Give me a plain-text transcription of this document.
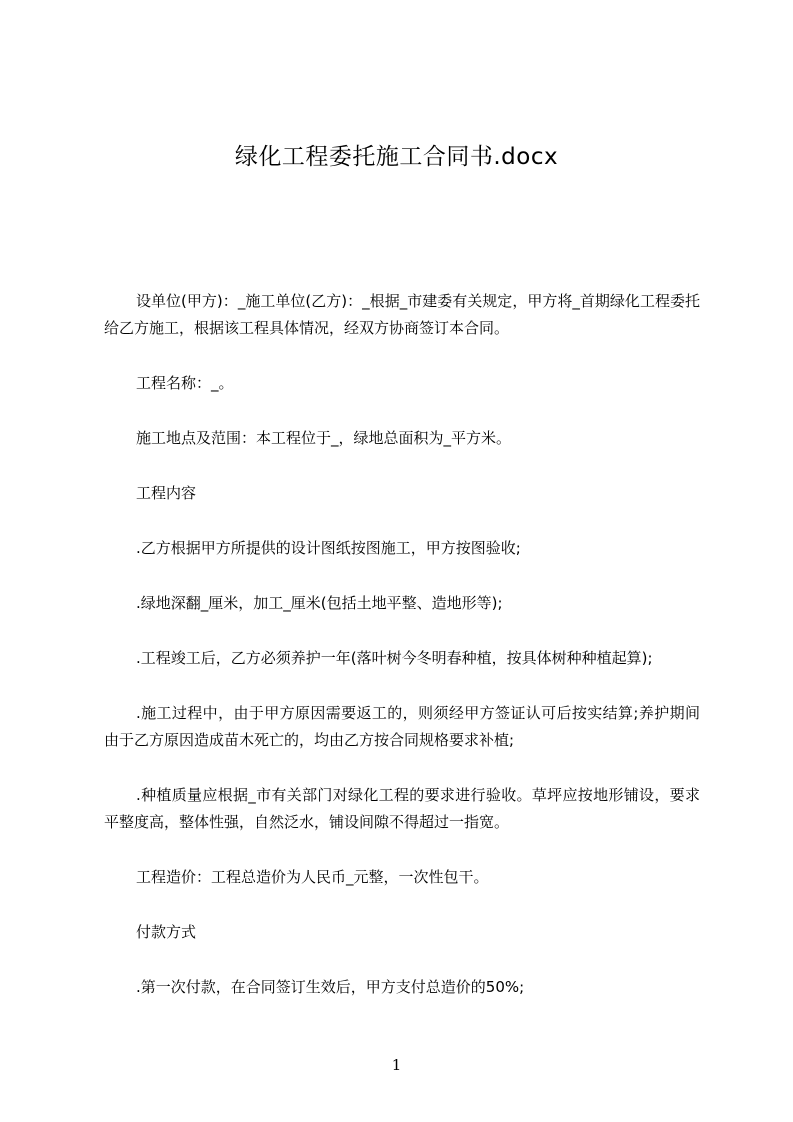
绿化工程委托施工合同书.docx

设单位(甲方)：_施工单位(乙方)：_根据_市建委有关规定，甲方将_首期绿化工程委托给乙方施工，根据该工程具体情况，经双方协商签订本合同。

工程名称：_。

施工地点及范围：本工程位于_，绿地总面积为_平方米。

工程内容

.乙方根据甲方所提供的设计图纸按图施工，甲方按图验收;

.绿地深翻_厘米，加工_厘米(包括土地平整、造地形等);

.工程竣工后，乙方必须养护一年(落叶树今冬明春种植，按具体树种种植起算);

.施工过程中，由于甲方原因需要返工的，则须经甲方签证认可后按实结算;养护期间由于乙方原因造成苗木死亡的，均由乙方按合同规格要求补植;

.种植质量应根据_市有关部门对绿化工程的要求进行验收。草坪应按地形铺设，要求平整度高，整体性强，自然泛水，铺设间隙不得超过一指宽。

工程造价：工程总造价为人民币_元整，一次性包干。

付款方式

.第一次付款，在合同签订生效后，甲方支付总造价的50%;

1
